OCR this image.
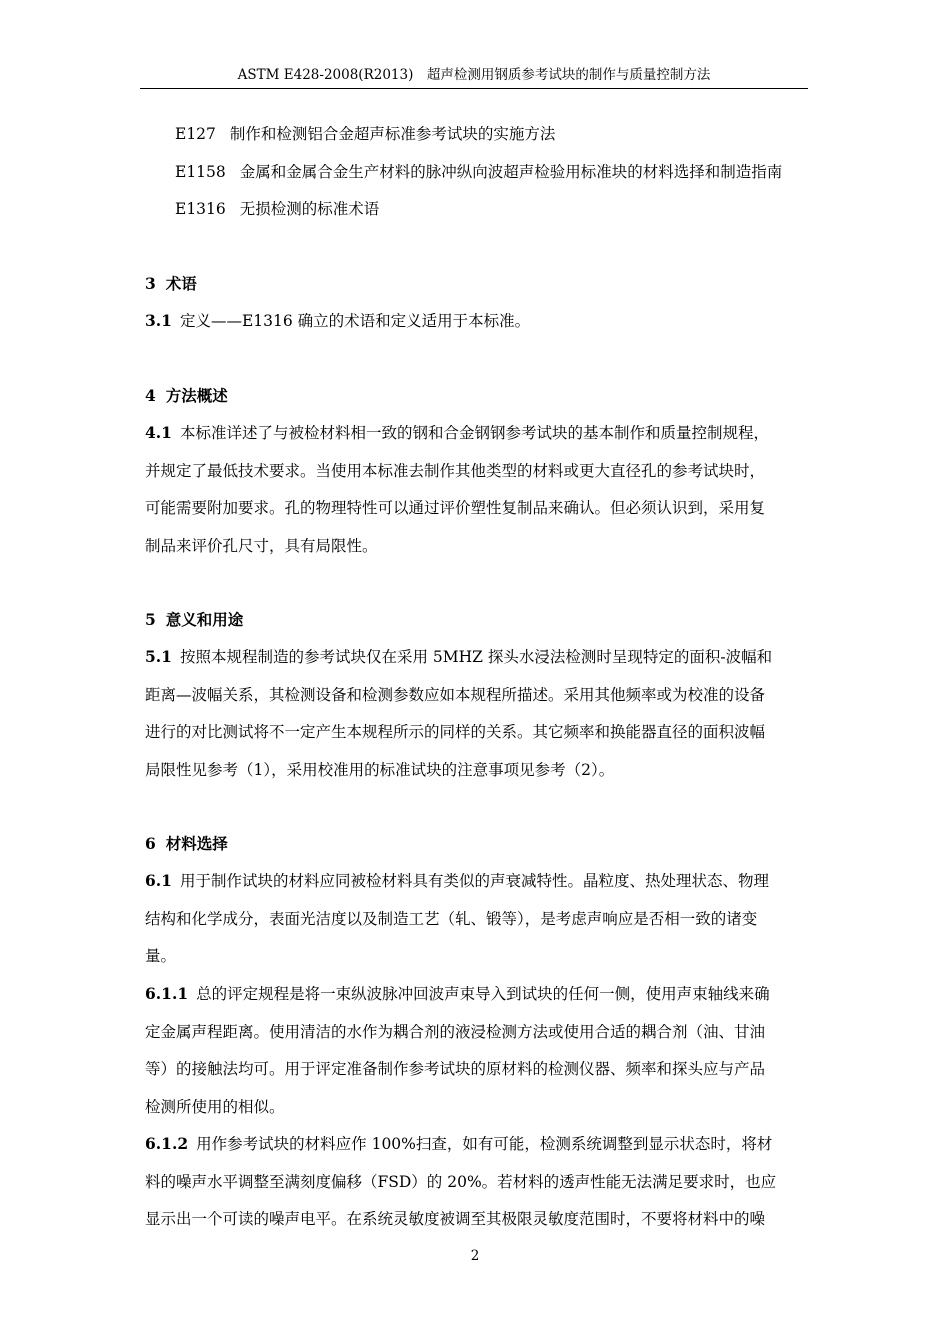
ASTM E428-2008(R2013)　超声检测用钢质参考试块的制作与质量控制方法
E127 制作和检测铝合金超声标准参考试块的实施方法
E1158 金属和金属合金生产材料的脉冲纵向波超声检验用标准块的材料选择和制造指南
E1316 无损检测的标准术语
3 术语
3.1 定义——E1316 确立的术语和定义适用于本标准。
4 方法概述
4.1 本标准详述了与被检材料相一致的钢和合金钢钢参考试块的基本制作和质量控制规程，
并规定了最低技术要求。当使用本标准去制作其他类型的材料或更大直径孔的参考试块时，
可能需要附加要求。孔的物理特性可以通过评价塑性复制品来确认。但必须认识到，采用复
制品来评价孔尺寸，具有局限性。
5 意义和用途
5.1 按照本规程制造的参考试块仅在采用 5MHZ 探头水浸法检测时呈现特定的面积-波幅和
距离—波幅关系，其检测设备和检测参数应如本规程所描述。采用其他频率或为校准的设备
进行的对比测试将不一定产生本规程所示的同样的关系。其它频率和换能器直径的面积波幅
局限性见参考（1），采用校准用的标准试块的注意事项见参考（2）。
6 材料选择
6.1 用于制作试块的材料应同被检材料具有类似的声衰减特性。晶粒度、热处理状态、物理
结构和化学成分，表面光洁度以及制造工艺（轧、锻等），是考虑声响应是否相一致的诸变
量。
6.1.1 总的评定规程是将一束纵波脉冲回波声束导入到试块的任何一侧，使用声束轴线来确
定金属声程距离。使用清洁的水作为耦合剂的液浸检测方法或使用合适的耦合剂（油、甘油
等）的接触法均可。用于评定准备制作参考试块的原材料的检测仪器、频率和探头应与产品
检测所使用的相似。
6.1.2 用作参考试块的材料应作 100%扫查，如有可能，检测系统调整到显示状态时，将材
料的噪声水平调整至满刻度偏移（FSD）的 20%。若材料的透声性能无法满足要求时，也应
显示出一个可读的噪声电平。在系统灵敏度被调至其极限灵敏度范围时，不要将材料中的噪
2
